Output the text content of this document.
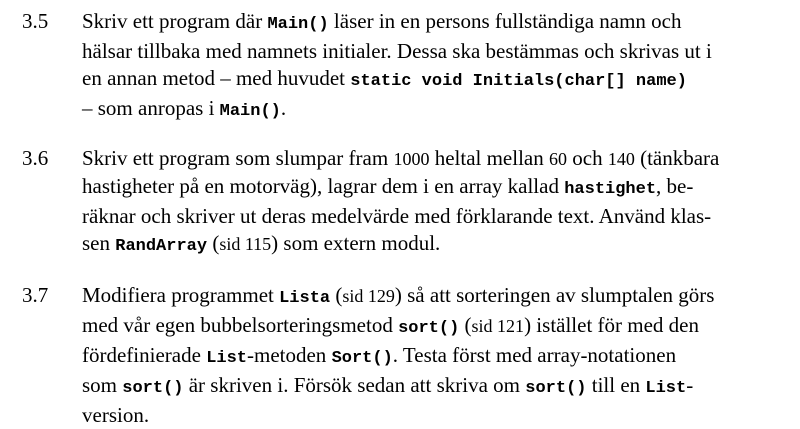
3.5 Skriv ett program där Main() läser in en persons fullständiga namn och
hälsar tillbaka med namnets initialer. Dessa ska bestämmas och skrivas ut i
en annan metod – med huvudet static void Initials(char[] name)
– som anropas i Main().
3.6 Skriv ett program som slumpar fram 1000 heltal mellan 60 och 140 (tänkbara
hastigheter på en motorväg), lagrar dem i en array kallad hastighet, be-
räknar och skriver ut deras medelvärde med förklarande text. Använd klas-
sen RandArray (sid 115) som extern modul.
3.7 Modifiera programmet Lista (sid 129) så att sorteringen av slumptalen görs
med vår egen bubbelsorteringsmetod sort() (sid 121) istället för med den
fördefinierade List-metoden Sort(). Testa först med array-notationen
som sort() är skriven i. Försök sedan att skriva om sort() till en List-
version.
